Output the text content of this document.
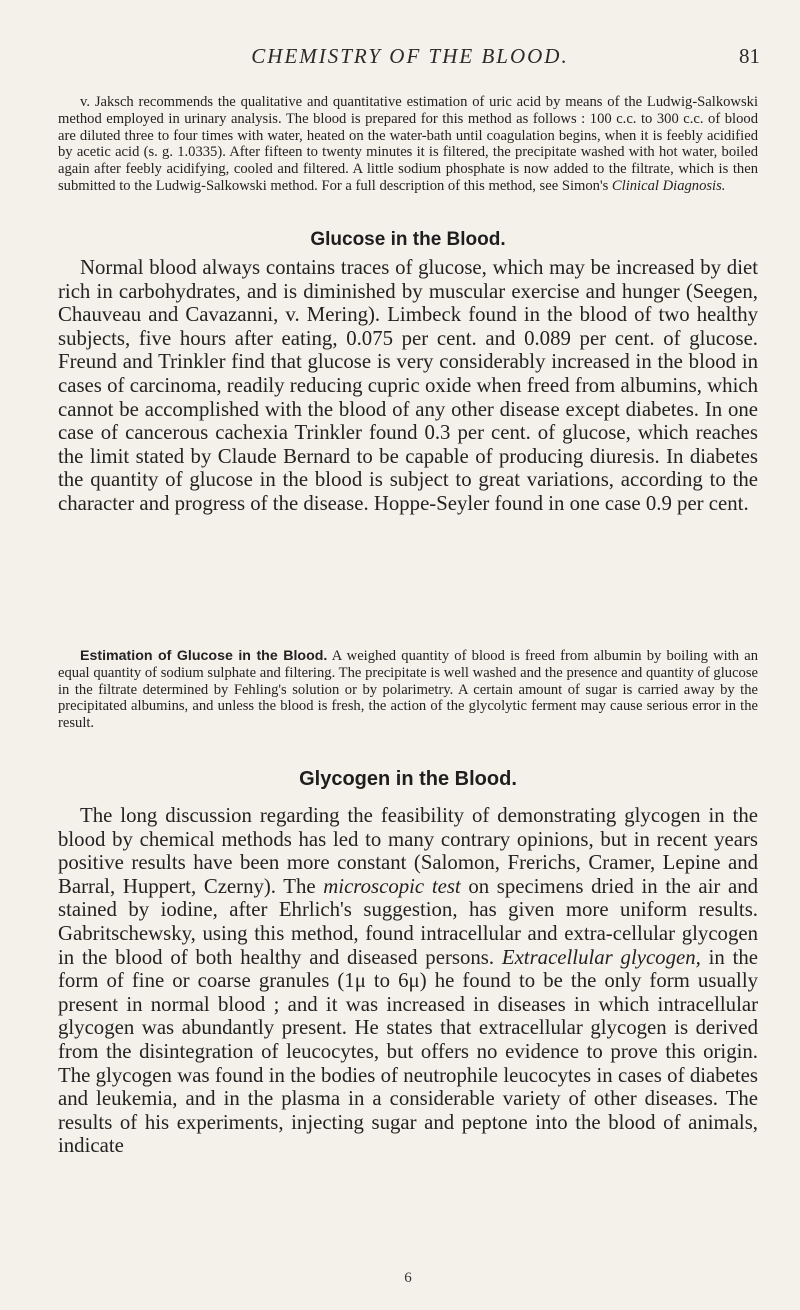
CHEMISTRY OF THE BLOOD.	81

v. Jaksch recommends the qualitative and quantitative estimation of uric acid by means of the Ludwig-Salkowski method employed in urinary analysis. The blood is prepared for this method as follows : 100 c.c. to 300 c.c. of blood are diluted three to four times with water, heated on the water-bath until coagulation begins, when it is feebly acidified by acetic acid (s. g. 1.0335). After fifteen to twenty minutes it is filtered, the precipitate washed with hot water, boiled again after feebly acidifying, cooled and filtered. A little sodium phosphate is now added to the filtrate, which is then submitted to the Ludwig-Salkowski method. For a full description of this method, see Simon's Clinical Diagnosis.

Glucose in the Blood.

Normal blood always contains traces of glucose, which may be increased by diet rich in carbohydrates, and is diminished by muscular exercise and hunger (Seegen, Chauveau and Cavazanni, v. Mering). Limbeck found in the blood of two healthy subjects, five hours after eating, 0.075 per cent. and 0.089 per cent. of glucose. Freund and Trinkler find that glucose is very considerably increased in the blood in cases of carcinoma, readily reducing cupric oxide when freed from albumins, which cannot be accomplished with the blood of any other disease except diabetes. In one case of cancerous cachexia Trinkler found 0.3 per cent. of glucose, which reaches the limit stated by Claude Bernard to be capable of producing diuresis. In diabetes the quantity of glucose in the blood is subject to great variations, according to the character and progress of the disease. Hoppe-Seyler found in one case 0.9 per cent.

Estimation of Glucose in the Blood. A weighed quantity of blood is freed from albumin by boiling with an equal quantity of sodium sulphate and filtering. The precipitate is well washed and the presence and quantity of glucose in the filtrate determined by Fehling's solution or by polarimetry. A certain amount of sugar is carried away by the precipitated albumins, and unless the blood is fresh, the action of the glycolytic ferment may cause serious error in the result.

Glycogen in the Blood.

The long discussion regarding the feasibility of demonstrating glycogen in the blood by chemical methods has led to many contrary opinions, but in recent years positive results have been more constant (Salomon, Frerichs, Cramer, Lepine and Barral, Huppert, Czerny). The microscopic test on specimens dried in the air and stained by iodine, after Ehrlich's suggestion, has given more uniform results. Gabritschewsky, using this method, found intracellular and extra-cellular glycogen in the blood of both healthy and diseased persons. Extracellular glycogen, in the form of fine or coarse granules (1μ to 6μ) he found to be the only form usually present in normal blood ; and it was increased in diseases in which intracellular glycogen was abundantly present. He states that extracellular glycogen is derived from the disintegration of leucocytes, but offers no evidence to prove this origin. The glycogen was found in the bodies of neutrophile leucocytes in cases of diabetes and leukemia, and in the plasma in a considerable variety of other diseases. The results of his experiments, injecting sugar and peptone into the blood of animals, indicate

6
